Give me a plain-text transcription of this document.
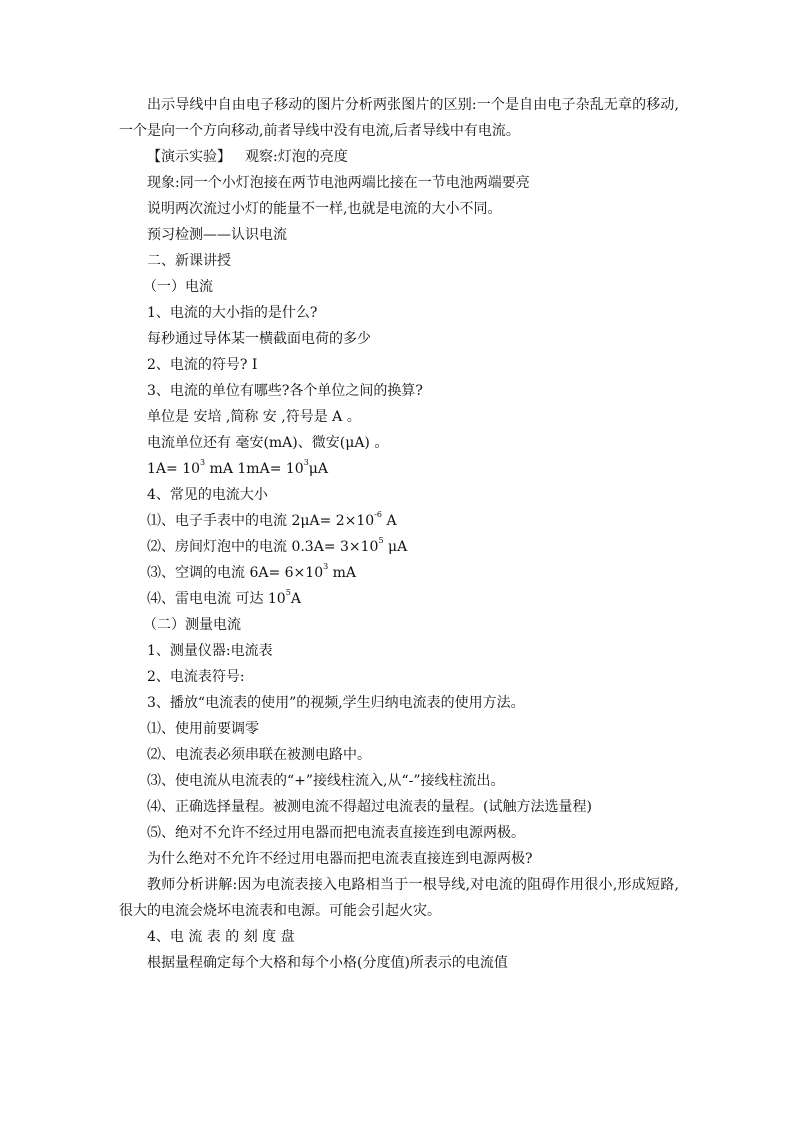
出示导线中自由电子移动的图片分析两张图片的区别:一个是自由电子杂乱无章的移动,一个是向一个方向移动,前者导线中没有电流,后者导线中有电流。

【演示实验】 观察:灯泡的亮度

现象:同一个小灯泡接在两节电池两端比接在一节电池两端要亮

说明两次流过小灯的能量不一样,也就是电流的大小不同。

预习检测——认识电流

二、新课讲授

（一）电流

1、电流的大小指的是什么?

每秒通过导体某一横截面电荷的多少

2、电流的符号? I

3、电流的单位有哪些?各个单位之间的换算?

单位是 安培 ,简称 安 ,符号是 A 。

电流单位还有 毫安(mA)、微安(μA) 。

$1A= 10^3$ mA $1mA= 10^3\mu A$

4、常见的电流大小

⑴、电子手表中的电流 $2\mu A= 2\times 10^{-6}$ A

⑵、房间灯泡中的电流 $0.3A= 3\times 10^5$ μA

⑶、空调的电流 $6A= 6\times 10^3$ mA

⑷、雷电电流 可达 $10^5A$

（二）测量电流

1、测量仪器:电流表

2、电流表符号:

3、播放“电流表的使用”的视频,学生归纳电流表的使用方法。

⑴、使用前要调零

⑵、电流表必须串联在被测电路中。

⑶、使电流从电流表的“+”接线柱流入,从“-”接线柱流出。

⑷、正确选择量程。被测电流不得超过电流表的量程。(试触方法选量程)

⑸、绝对不允许不经过用电器而把电流表直接连到电源两极。

为什么绝对不允许不经过用电器而把电流表直接连到电源两极?

教师分析讲解:因为电流表接入电路相当于一根导线,对电流的阻碍作用很小,形成短路,很大的电流会烧坏电流表和电源。可能会引起火灾。

4、电 流 表 的 刻 度 盘

根据量程确定每个大格和每个小格(分度值)所表示的电流值
